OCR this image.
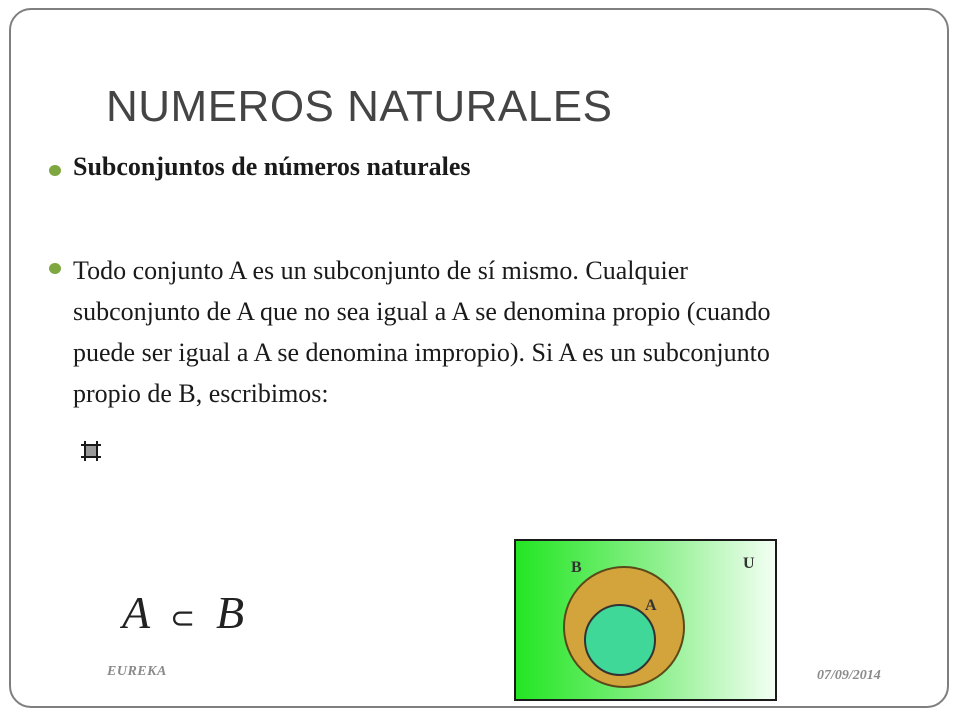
NUMEROS NATURALES
Subconjuntos de números naturales
Todo conjunto A es un subconjunto de sí mismo. Cualquier
subconjunto de A que no sea igual a A se denomina propio (cuando
puede ser igual a A se denomina impropio). Si A es un subconjunto
propio de B, escribimos:
A ⊂ B
EUREKA	07/09/2014
U
B
A
